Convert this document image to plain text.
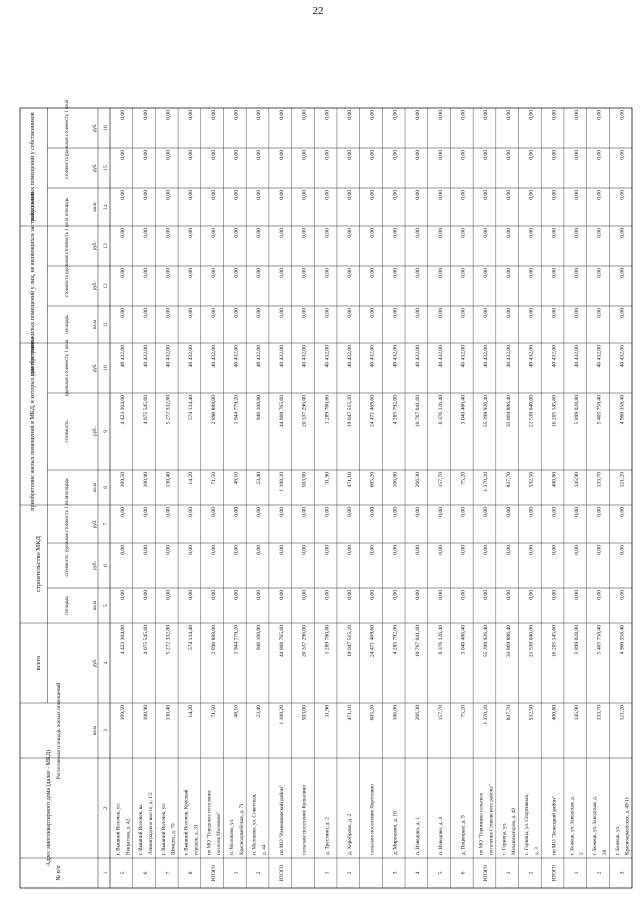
22
№ п/п
Адрес многоквартирного дома (далее - МКД)
Расселяемая площадь жилых помещений
всего
строительство МКД
приобретение жилых помещений в МКД, в которых уже построены
приобретение жилых помещений у лиц, не являющихся застройщиками
выкуп жилых помещений у собственников
площадь
стоимость
удельная стоимость 1 кв.м
площадь
стоимость
удельная стоимость 1 кв.м
площадь
стоимость
удельная стоимость 1 кв.м
площадь
стоимость
удельная стоимость 1 кв.м
кв.м
руб.
кв.м
руб.
руб.
кв.м
руб.
руб.
кв.м
руб.
руб.
кв.м
руб.
руб.
1
2
3
4
5
6
7
8
9
10
11
12
13
14
15
16
5
г. Вышний Волочек, ул. Некрасова, д. 42
109,50
4 423 304,00
0,00
0,00
0,00
109,50
4 423 304,00
40 432,00
0,00
0,00
0,00
0,00
0,00
0,00
6
г. Вышний Волочек, ш. Ленинградское шоссе, д. 1/2
100,90
4 075 545,60
0,00
0,00
0,00
100,90
4 075 545,60
40 432,00
0,00
0,00
0,00
0,00
0,00
0,00
7
г. Вышний Волочек, ул. Шмидта, д. 70
130,40
5 272 332,80
0,00
0,00
0,00
130,40
5 272 332,80
40 432,00
0,00
0,00
0,00
0,00
0,00
0,00
8
г. Вышний Волочек, Красный городок, д. 33
14,20
574 134,40
0,00
0,00
0,00
14,20
574 134,40
40 432,00
0,00
0,00
0,00
0,00
0,00
0,00
ИТОГО
по МО "Городское поселение поселок Молоково"
71,50
2 890 888,00
0,00
0,00
0,00
71,50
2 890 888,00
40 432,00
0,00
0,00
0,00
0,00
0,00
0,00
1
п. Молоково, ул. Красноармейская, д. 71
48,10
1 944 779,20
0,00
0,00
0,00
48,10
1 944 779,20
40 432,00
0,00
0,00
0,00
0,00
0,00
0,00
2
п. Молоково, ул. Советская, д. 44
23,40
946 108,80
0,00
0,00
0,00
23,40
946 108,80
40 432,00
0,00
0,00
0,00
0,00
0,00
0,00
ИТОГО
по МО "Рамешковский район"
1 108,20
44 808 765,60
0,00
0,00
0,00
1 108,20
44 808 765,60
40 432,00
0,00
0,00
0,00
0,00
0,00
0,00
сельское поселение Кушалино
503,00
20 337 296,00
0,00
0,00
0,00
503,00
20 337 296,00
40 432,00
0,00
0,00
0,00
0,00
0,00
0,00
1
д. Трестино, д. 2
31,90
1 289 780,80
0,00
0,00
0,00
31,90
1 289 780,80
40 432,00
0,00
0,00
0,00
0,00
0,00
0,00
2
д. Хороброво, д. 2
471,10
19 047 515,20
0,00
0,00
0,00
471,10
19 047 515,20
40 432,00
0,00
0,00
0,00
0,00
0,00
0,00
сельское поселение Чертолино
605,20
24 471 469,60
0,00
0,00
0,00
605,20
24 471 469,60
40 432,00
0,00
0,00
0,00
0,00
0,00
0,00
3
д. Мирошево, д. 16
106,00
4 285 792,00
0,00
0,00
0,00
106,00
4 285 792,00
40 432,00
0,00
0,00
0,00
0,00
0,00
0,00
4
п. Изведово, д. 1
266,30
10 767 041,60
0,00
0,00
0,00
266,30
10 767 041,60
40 432,00
0,00
0,00
0,00
0,00
0,00
0,00
5
п. Изведово, д. 4
157,70
6 376 126,40
0,00
0,00
0,00
157,70
6 376 126,40
40 432,00
0,00
0,00
0,00
0,00
0,00
0,00
6
д. Поцепрые, д. 9
75,20
3 040 486,40
0,00
0,00
0,00
75,20
3 040 486,40
40 432,00
0,00
0,00
0,00
0,00
0,00
0,00
ИТОГО
по МО "Горницкое сельское поселение Сонковского района"
1 370,20
55 399 926,40
0,00
0,00
0,00
1 370,20
55 399 926,40
40 432,00
0,00
0,00
0,00
0,00
0,00
0,00
1
с. Горница, ул. Механизаторов, д. 49
837,70
33 869 886,40
0,00
0,00
0,00
837,70
33 869 886,40
40 432,00
0,00
0,00
0,00
0,00
0,00
0,00
2
с. Горница, ул. Спортивная, д. 3
532,50
21 530 040,00
0,00
0,00
0,00
532,50
21 530 040,00
40 432,00
0,00
0,00
0,00
0,00
0,00
0,00
ИТОГО
по МО "Бежецкий район"
400,80
16 205 145,60
0,00
0,00
0,00
400,80
16 205 145,60
40 432,00
0,00
0,00
0,00
0,00
0,00
0,00
1
г. Бежецк, ул. Заводская, д. 2
145,90
5 899 028,80
0,00
0,00
0,00
145,90
5 899 028,80
40 432,00
0,00
0,00
0,00
0,00
0,00
0,00
2
г. Бежецк, ул. Заводская, д. 28
133,70
5 405 758,40
0,00
0,00
0,00
133,70
5 405 758,40
40 432,00
0,00
0,00
0,00
0,00
0,00
0,00
3
г. Бежецк, ул. Красноармейская, д. 49/11
121,20
4 900 358,40
0,00
0,00
0,00
121,20
4 900 358,40
40 432,00
0,00
0,00
0,00
0,00
0,00
0,00
